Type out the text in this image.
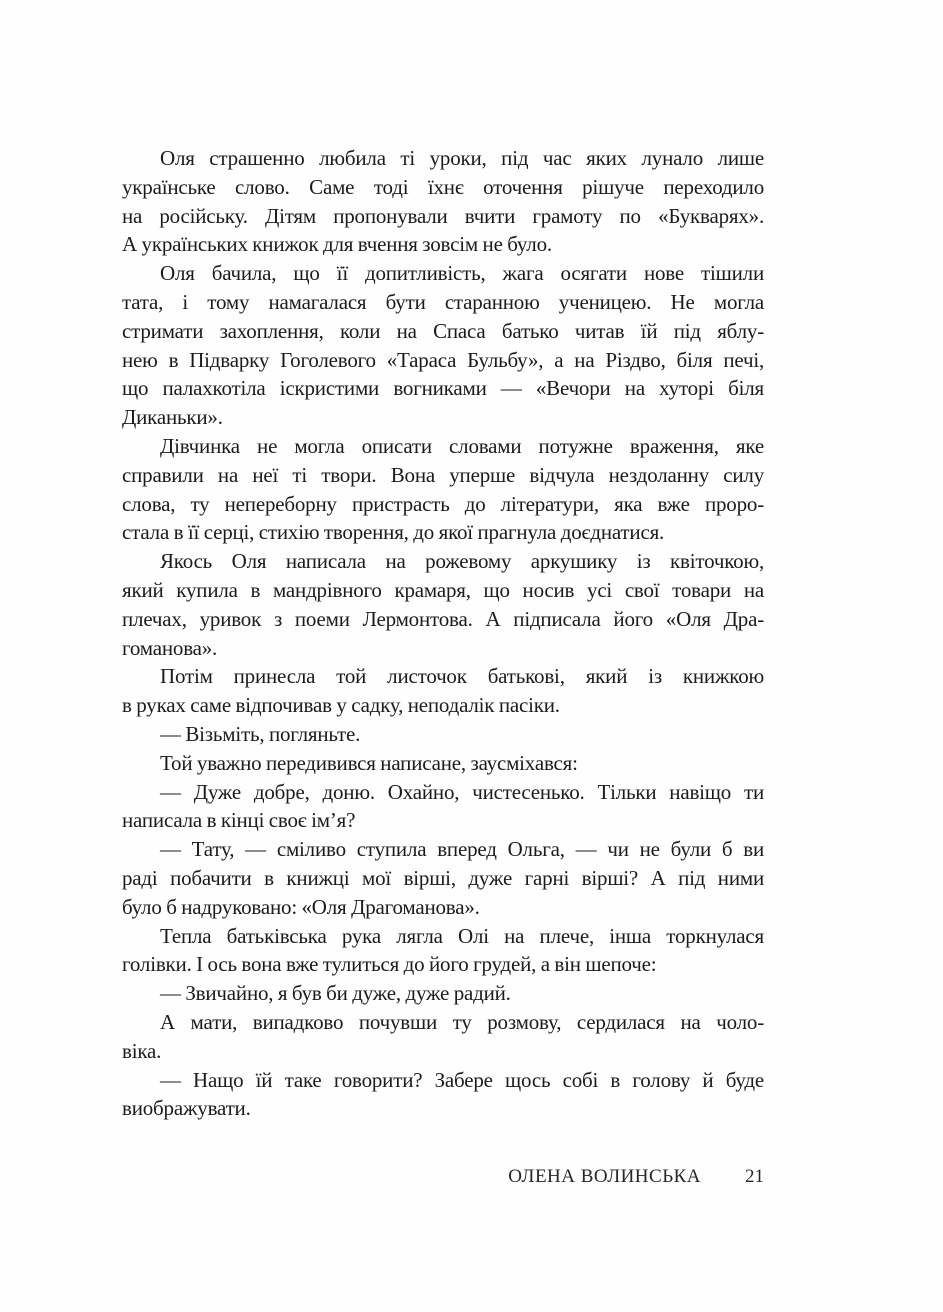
Оля страшенно любила ті уроки, під час яких лунало лише
українське слово. Саме тоді їхнє оточення рішуче переходило
на російську. Дітям пропонували вчити грамоту по «Букварях».
А українських книжок для вчення зовсім не було.
Оля бачила, що її допитливість, жага осягати нове тішили
тата, і тому намагалася бути старанною ученицею. Не могла
стримати захоплення, коли на Спаса батько читав їй під яблу-
нею в Підварку Гоголевого «Тараса Бульбу», а на Різдво, біля печі,
що палахкотіла іскристими вогниками — «Вечори на хуторі біля
Диканьки».
Дівчинка не могла описати словами потужне враження, яке
справили на неї ті твори. Вона уперше відчула нездоланну силу
слова, ту непереборну пристрасть до літератури, яка вже проро-
стала в її серці, стихію творення, до якої прагнула доєднатися.
Якось Оля написала на рожевому аркушику із квіточкою,
який купила в мандрівного крамаря, що носив усі свої товари на
плечах, уривок з поеми Лермонтова. А підписала його «Оля Дра-
гоманова».
Потім принесла той листочок батькові, який із книжкою
в руках саме відпочивав у садку, неподалік пасіки.
— Візьміть, погляньте.
Той уважно передивився написане, заусміхався:
— Дуже добре, доню. Охайно, чистесенько. Тільки навіщо ти
написала в кінці своє ім’я?
— Тату, — сміливо ступила вперед Ольга, — чи не були б ви
раді побачити в книжці мої вірші, дуже гарні вірші? А під ними
було б надруковано: «Оля Драгоманова».
Тепла батьківська рука лягла Олі на плече, інша торкнулася
голівки. І ось вона вже тулиться до його грудей, а він шепоче:
— Звичайно, я був би дуже, дуже радий.
А мати, випадково почувши ту розмову, сердилася на чоло-
віка.
— Нащо їй таке говорити? Забере щось собі в голову й буде
виображувати.
ОЛЕНА ВОЛИНСЬКА 21
